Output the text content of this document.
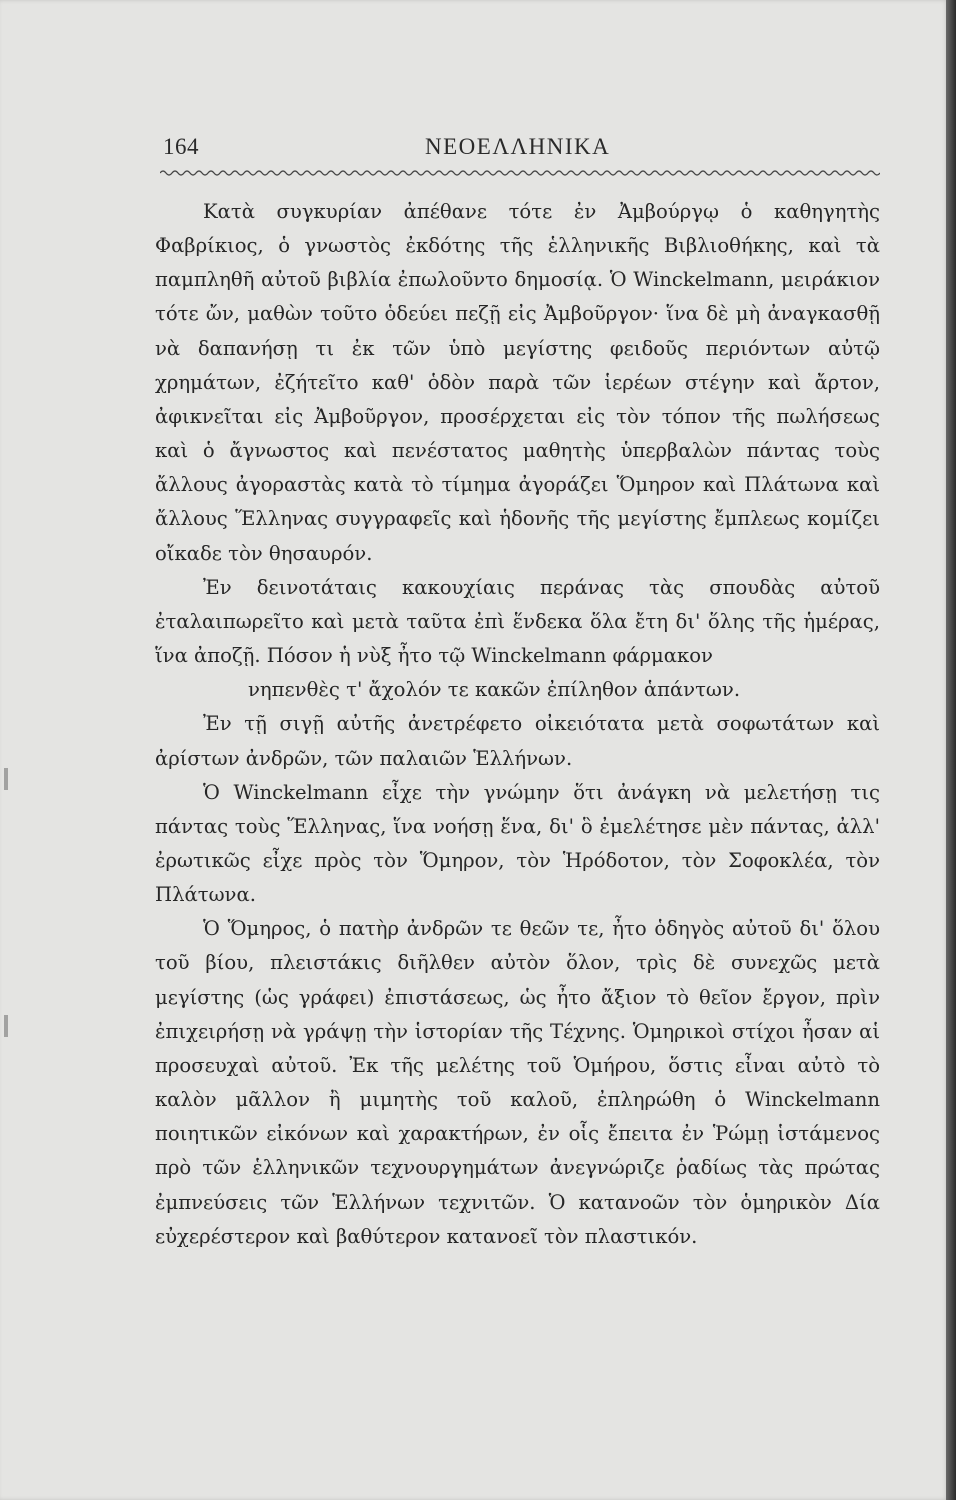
164	ΝΕΟΕΛΛΗΝΙΚΑ

Κατὰ συγκυρίαν ἀπέθανε τότε ἐν Ἀμβούργῳ ὁ καθηγητὴς Φαβρίκιος, ὁ γνωστὸς ἐκδότης τῆς ἑλληνικῆς Βιβλιοθήκης, καὶ τὰ παμπληθῆ αὐτοῦ βιβλία ἐπωλοῦντο δημοσίᾳ. Ὁ Winckelmann, μειράκιον τότε ὤν, μαθὼν τοῦτο ὁδεύει πεζῇ εἰς Ἀμβοῦργον· ἵνα δὲ μὴ ἀναγκασθῇ νὰ δαπανήσῃ τι ἐκ τῶν ὑπὸ μεγίστης φειδοῦς περιόντων αὐτῷ χρημάτων, ἐζήτεῖτο καθ' ὁδὸν παρὰ τῶν ἱερέων στέγην καὶ ἄρτον, ἀφικνεῖται εἰς Ἀμβοῦργον, προσέρχεται εἰς τὸν τόπον τῆς πωλήσεως καὶ ὁ ἄγνωστος καὶ πενέστατος μαθητὴς ὑπερβαλὼν πάντας τοὺς ἄλλους ἀγοραστὰς κατὰ τὸ τίμημα ἀγοράζει Ὅμηρον καὶ Πλάτωνα καὶ ἄλλους Ἕλληνας συγγραφεῖς καὶ ἡδονῆς τῆς μεγίστης ἔμπλεως κομίζει οἴκαδε τὸν θησαυρόν.

Ἐν δεινοτάταις κακουχίαις περάνας τὰς σπουδὰς αὐτοῦ ἐταλαιπωρεῖτο καὶ μετὰ ταῦτα ἐπὶ ἕνδεκα ὅλα ἔτη δι' ὅλης τῆς ἡμέρας, ἵνα ἀποζῇ. Πόσον ἡ νὺξ ἦτο τῷ Winckelmann φάρμακον

νηπενθὲς τ' ἄχολόν τε κακῶν ἐπίληθον ἁπάντων.

Ἐν τῇ σιγῇ αὐτῆς ἀνετρέφετο οἰκειότατα μετὰ σοφωτάτων καὶ ἀρίστων ἀνδρῶν, τῶν παλαιῶν Ἑλλήνων.

Ὁ Winckelmann εἶχε τὴν γνώμην ὅτι ἀνάγκη νὰ μελετήσῃ τις πάντας τοὺς Ἕλληνας, ἵνα νοήσῃ ἕνα, δι' ὃ ἐμελέτησε μὲν πάντας, ἀλλ' ἐρωτικῶς εἶχε πρὸς τὸν Ὅμηρον, τὸν Ἡρόδοτον, τὸν Σοφοκλέα, τὸν Πλάτωνα.

Ὁ Ὅμηρος, ὁ πατὴρ ἀνδρῶν τε θεῶν τε, ἦτο ὁδηγὸς αὐτοῦ δι' ὅλου τοῦ βίου, πλειστάκις διῆλθεν αὐτὸν ὅλον, τρὶς δὲ συνεχῶς μετὰ μεγίστης (ὡς γράφει) ἐπιστάσεως, ὡς ἦτο ἄξιον τὸ θεῖον ἔργον, πρὶν ἐπιχειρήσῃ νὰ γράψῃ τὴν ἱστορίαν τῆς Τέχνης. Ὁμηρικοὶ στίχοι ἦσαν αἱ προσευχαὶ αὐτοῦ. Ἐκ τῆς μελέτης τοῦ Ὁμήρου, ὅστις εἶναι αὐτὸ τὸ καλὸν μᾶλλον ἢ μιμητὴς τοῦ καλοῦ, ἐπληρώθη ὁ Winckelmann ποιητικῶν εἰκόνων καὶ χαρακτήρων, ἐν οἷς ἔπειτα ἐν Ῥώμῃ ἱστάμενος πρὸ τῶν ἑλληνικῶν τεχνουργημάτων ἀνεγνώριζε ῥαδίως τὰς πρώτας ἐμπνεύσεις τῶν Ἑλλήνων τεχνιτῶν. Ὁ κατανοῶν τὸν ὁμηρικὸν Δία εὐχερέστερον καὶ βαθύτερον κατανοεῖ τὸν πλαστικόν.
